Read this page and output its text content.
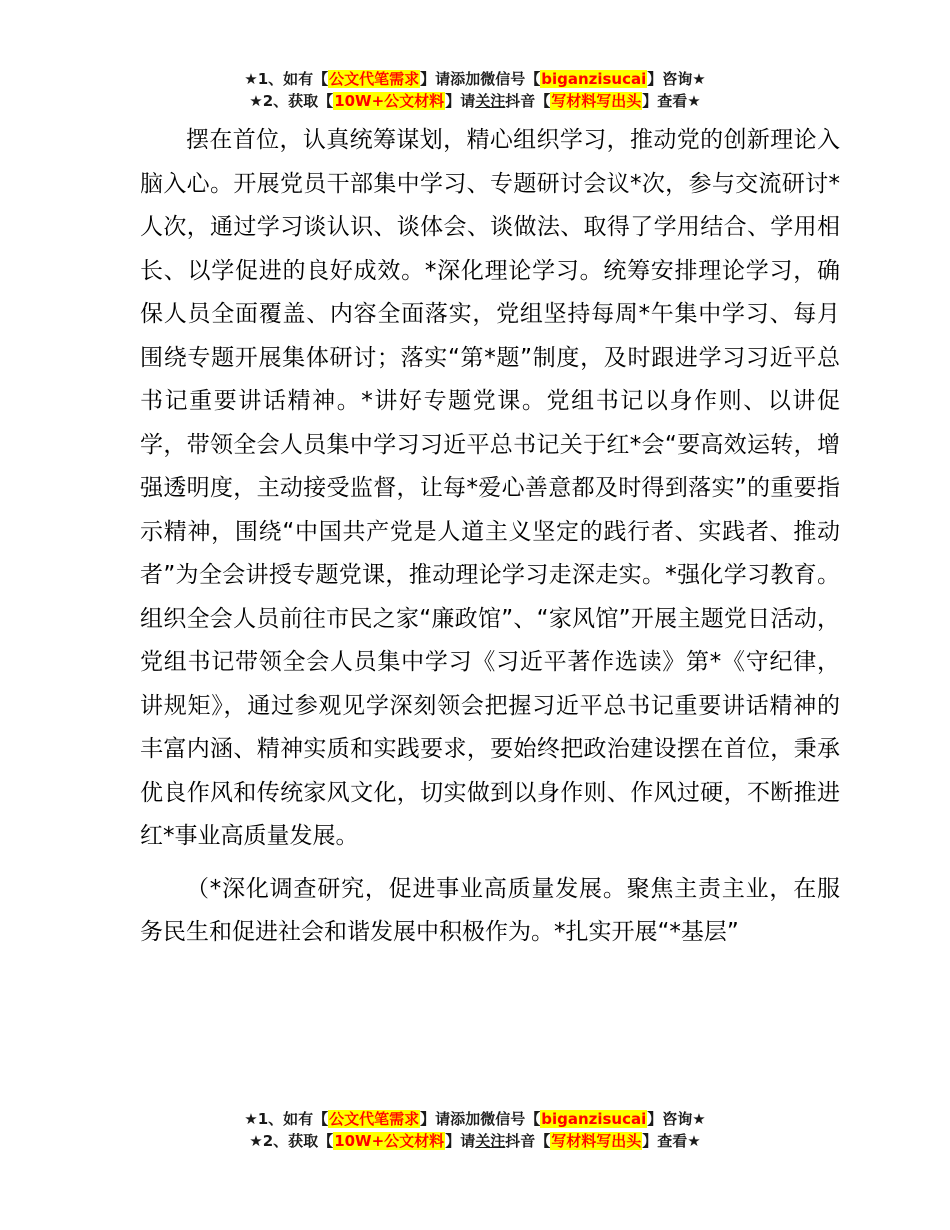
★1、如有【公文代笔需求】请添加微信号【biganzisucai】咨询★
★2、获取【10W+公文材料】请关注抖音【写材料写出头】查看★

摆在首位，认真统筹谋划，精心组织学习，推动党的创新理论入脑入心。开展党员干部集中学习、专题研讨会议*次，参与交流研讨*人次，通过学习谈认识、谈体会、谈做法、取得了学用结合、学用相长、以学促进的良好成效。*深化理论学习。统筹安排理论学习，确保人员全面覆盖、内容全面落实，党组坚持每周*午集中学习、每月围绕专题开展集体研讨；落实“第*题”制度，及时跟进学习习近平总书记重要讲话精神。*讲好专题党课。党组书记以身作则、以讲促学，带领全会人员集中学习习近平总书记关于红*会“要高效运转，增强透明度，主动接受监督，让每*爱心善意都及时得到落实”的重要指示精神，围绕“中国共产党是人道主义坚定的践行者、实践者、推动者”为全会讲授专题党课，推动理论学习走深走实。*强化学习教育。组织全会人员前往市民之家“廉政馆”、“家风馆”开展主题党日活动，党组书记带领全会人员集中学习《习近平著作选读》第*《守纪律，讲规矩》，通过参观见学深刻领会把握习近平总书记重要讲话精神的丰富内涵、精神实质和实践要求，要始终把政治建设摆在首位，秉承优良作风和传统家风文化，切实做到以身作则、作风过硬，不断推进红*事业高质量发展。

（*深化调查研究，促进事业高质量发展。聚焦主责主业，在服务民生和促进社会和谐发展中积极作为。*扎实开展“*基层”

★1、如有【公文代笔需求】请添加微信号【biganzisucai】咨询★
★2、获取【10W+公文材料】请关注抖音【写材料写出头】查看★
